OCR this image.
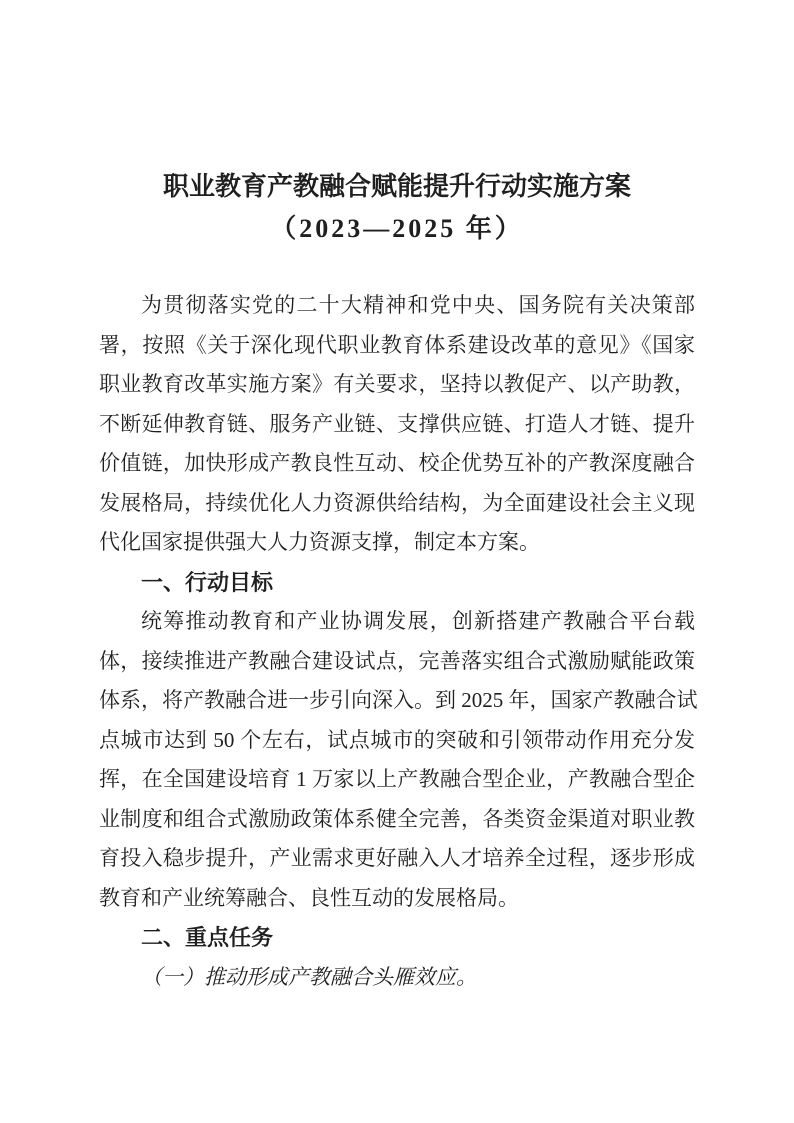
职业教育产教融合赋能提升行动实施方案
（2023—2025 年）
为贯彻落实党的二十大精神和党中央、国务院有关决策部
署，按照《关于深化现代职业教育体系建设改革的意见》《国家
职业教育改革实施方案》有关要求，坚持以教促产、以产助教，
不断延伸教育链、服务产业链、支撑供应链、打造人才链、提升
价值链，加快形成产教良性互动、校企优势互补的产教深度融合
发展格局，持续优化人力资源供给结构，为全面建设社会主义现
代化国家提供强大人力资源支撑，制定本方案。
一、行动目标
统筹推动教育和产业协调发展，创新搭建产教融合平台载
体，接续推进产教融合建设试点，完善落实组合式激励赋能政策
体系，将产教融合进一步引向深入。到 2025 年，国家产教融合试
点城市达到 50 个左右，试点城市的突破和引领带动作用充分发
挥，在全国建设培育 1 万家以上产教融合型企业，产教融合型企
业制度和组合式激励政策体系健全完善，各类资金渠道对职业教
育投入稳步提升，产业需求更好融入人才培养全过程，逐步形成
教育和产业统筹融合、良性互动的发展格局。
二、重点任务
（一）推动形成产教融合头雁效应。
